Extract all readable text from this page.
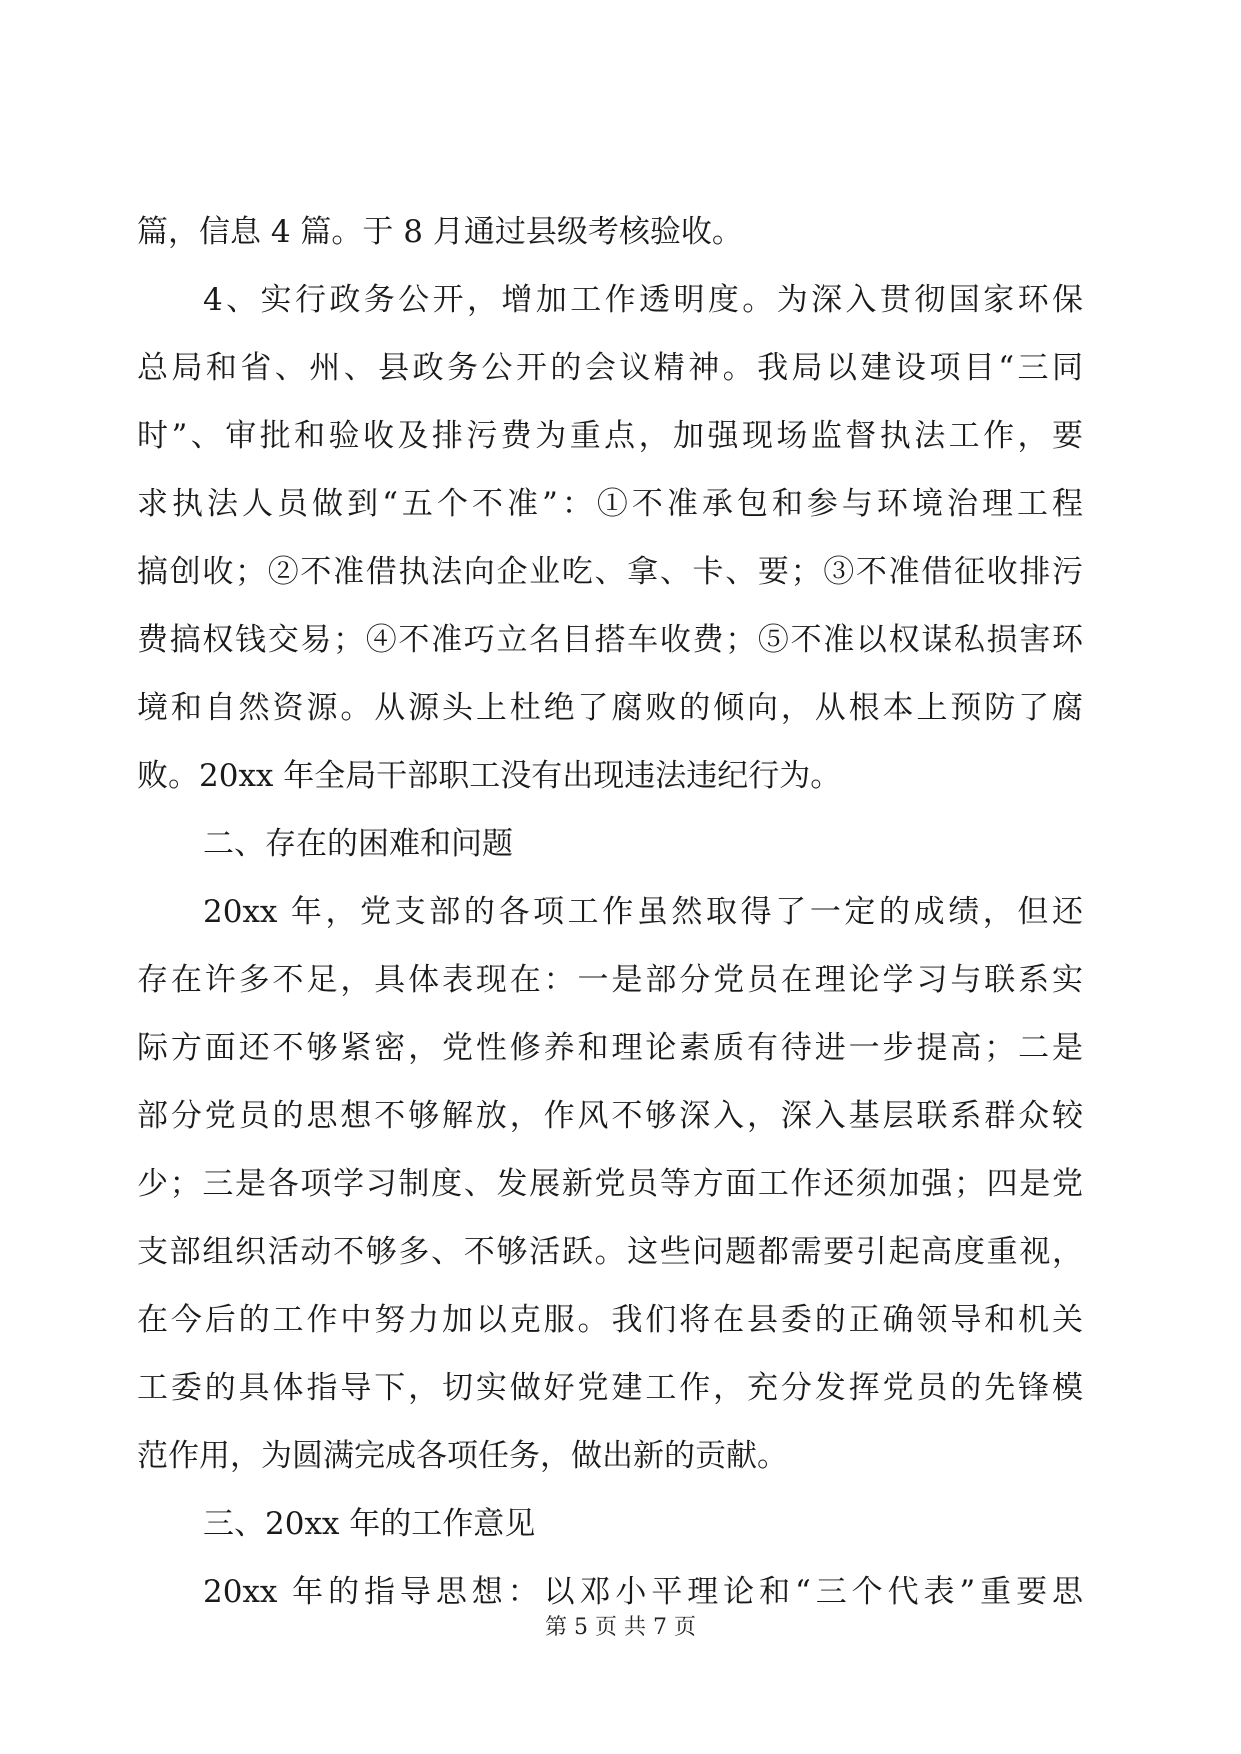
篇，信息 4 篇。于 8 月通过县级考核验收。
4、实行政务公开，增加工作透明度。为深入贯彻国家环保
总局和省、州、县政务公开的会议精神。我局以建设项目“三同
时”、审批和验收及排污费为重点，加强现场监督执法工作，要
求执法人员做到“五个不准”：①不准承包和参与环境治理工程
搞创收；②不准借执法向企业吃、拿、卡、要；③不准借征收排污
费搞权钱交易；④不准巧立名目搭车收费；⑤不准以权谋私损害环
境和自然资源。从源头上杜绝了腐败的倾向，从根本上预防了腐
败。20xx 年全局干部职工没有出现违法违纪行为。
二、存在的困难和问题
20xx 年，党支部的各项工作虽然取得了一定的成绩，但还
存在许多不足，具体表现在：一是部分党员在理论学习与联系实
际方面还不够紧密，党性修养和理论素质有待进一步提高；二是
部分党员的思想不够解放，作风不够深入，深入基层联系群众较
少；三是各项学习制度、发展新党员等方面工作还须加强；四是党
支部组织活动不够多、不够活跃。这些问题都需要引起高度重视，
在今后的工作中努力加以克服。我们将在县委的正确领导和机关
工委的具体指导下，切实做好党建工作，充分发挥党员的先锋模
范作用，为圆满完成各项任务，做出新的贡献。
三、20xx 年的工作意见
20xx 年的指导思想：以邓小平理论和“三个代表”重要思
第 5 页 共 7 页
